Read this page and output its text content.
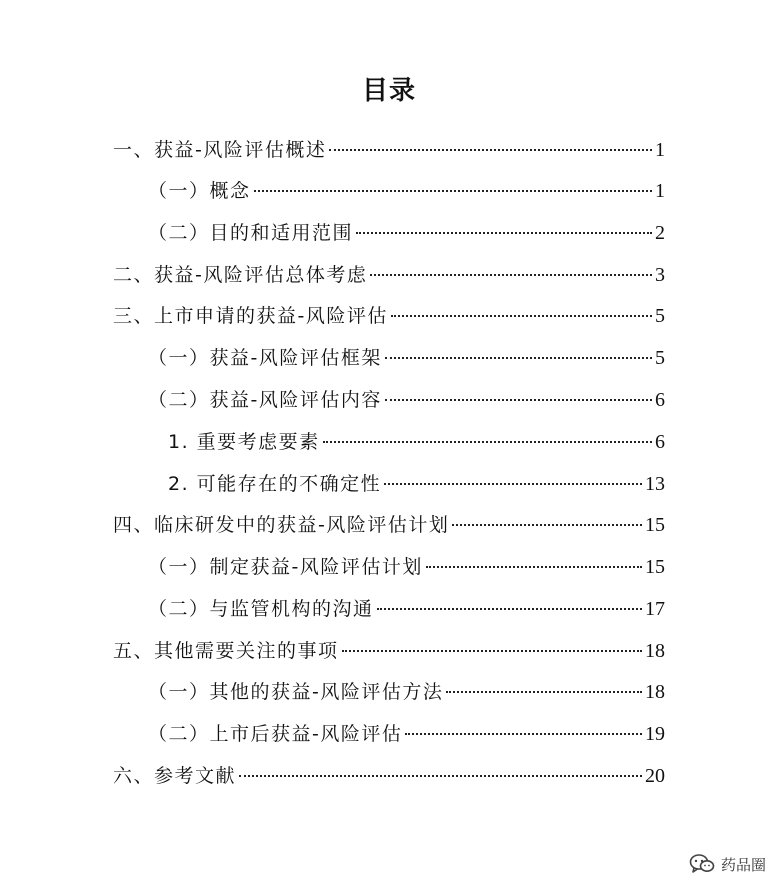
目录
一、获益-风险评估概述	1
（一）概念	1
（二）目的和适用范围	2
二、获益-风险评估总体考虑	3
三、上市申请的获益-风险评估	5
（一）获益-风险评估框架	5
（二）获益-风险评估内容	6
1. 重要考虑要素	6
2. 可能存在的不确定性	13
四、临床研发中的获益-风险评估计划	15
（一）制定获益-风险评估计划	15
（二）与监管机构的沟通	17
五、其他需要关注的事项	18
（一）其他的获益-风险评估方法	18
（二）上市后获益-风险评估	19
六、参考文献	20
药品圈
